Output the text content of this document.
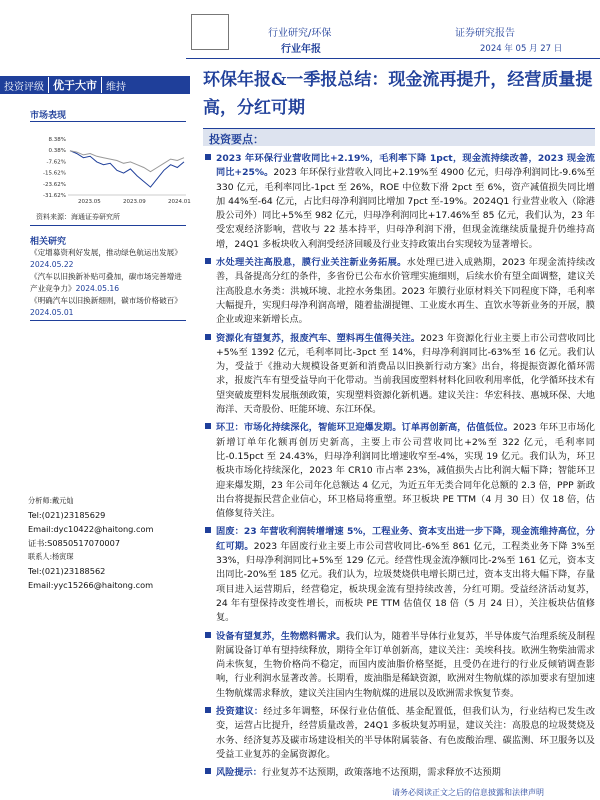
行业研究/环保
行业年报
证券研究报告
2024 年 05 月 27 日
投资评级 优于大市 维持	环保年报&一季报总结：现金流再提升，经营质量提高，分红可期
市场表现
8.38%
0.38%
-7.62%
-15.62%
-23.62%
-31.62%
2023.05	2023.09	2024.01
资料来源：海通证券研究所
相关研究
《定增募资利好发展，推动绿色航运出发展》2024.05.22
《汽车以旧换新补贴可叠加，碳市场完善增进产业竞争力》2024.05.16
《明确汽车以旧换新细则，碳市场价格破百》2024.05.01
分析师:戴元灿
Tel:(021)23185629
Email:dyc10422@haitong.com
证书:S0850517070007
联系人:杨寅琛
Tel:(021)23188562
Email:yyc15266@haitong.com
投资要点：
2023 年环保行业营收同比+2.19%，毛利率下降 1pct，现金流持续改善，2023 现金流同比+25%。2023 年环保行业营收入同比+2.19%至 4900 亿元，归母净利润同比-9.6%至 330 亿元，毛利率同比-1pct 至 26%，ROE 中位数下滑 2pct 至 6%，资产减值损失同比增加 44%至-64 亿元，占比归母净利润同比增加 7pct 至-19%。2024Q1 行业营业收入（除港股公司外）同比+5%至 982 亿元，归母净利润同比+17.46%至 85 亿元，我们认为，23 年受宏观经济影响，营收与 22 基本持平，归母净利润下滑，但现金流继续质量提升仍维持高增，24Q1 多板块收入利润受经济回暖及行业支持政策出台实现较为显著增长。
水处理关注高股息，膜行业关注新业务拓展。水处理已进入成熟期，2023 年现金流持续改善，具备提高分红的条件，多省份已公布水价管理实施细则，后续水价有望全面调整，建议关注高股息水务类：洪城环境、北控水务集团。2023 年膜行业原材料关下同程度下降，毛利率大幅提升，实现归母净利润高增，随着盐湖提锂、工业废水再生、直饮水等新业务的开展，膜企业或迎来新增长点。
资源化有望复苏，报废汽车、塑料再生值得关注。2023 年资源化行业主要上市公司营收同比+5%至 1392 亿元，毛利率同比-3pct 至 14%，归母净利润同比-63%至 16 亿元。我们认为，受益于《推动大规模设备更新和消费品以旧换新行动方案》出台，将提振资源化循环需求，报废汽车有望受益导向干化带动。当前我国废塑料材料化回收利用率低，化学循环技术有望突破废塑料发展瓶颈政策，实现塑料资源化新机遇。建议关注：华宏科技、惠城环保、大地海洋、天奇股份、旺能环境、东江环保。
环卫：市场化持续深化，智能环卫迎爆发期。订单再创新高，估值低位。2023 年环卫市场化新增订单年化额再创历史新高，主要上市公司营收同比+2%至 322 亿元，毛利率同比-0.15pct 至 24.43%，归母净利润同比增速收窄至-4%，实现 19 亿元。我们认为，环卫板块市场化持续深化，2023 年 CR10 市占率 23%，减值损失占比利润大幅下降；智能环卫迎来爆发期，23 年公司年化总额达 4 亿元，为近五年无类合同年化总额的 2.3 倍，PPP 新政出台将提振民营企业信心，环卫格局将重塑。环卫板块 PE TTM（4 月 30 日）仅 18 倍，估值修复待关注。
固废：23 年营收利润转增增速 5%，工程业务、资本支出进一步下降，现金流维持高位，分红可期。2023 年固废行业主要上市公司营收同比-6%至 861 亿元，工程类业务下降 3%至 33%，归母净利润同比+5%至 129 亿元。经营性现金流净额同比-2%至 161 亿元，资本支出同比-20%至 185 亿元。我们认为，垃圾焚烧供电增长期已过，资本支出将大幅下降，存量项目进入运营期后，经营稳定，板块现金流有望持续改善，分红可期。受益经济活动复苏，24 年有望保持改变性增长，而板块 PE TTM 估值仅 18 倍（5 月 24 日），关注板块估值修复。
设备有望复苏，生物燃料需求。我们认为，随着半导体行业复苏，半导体废气治理系统及制程附属设备订单有望持续释放，期待全年订单创新高，建议关注：美埃科技。欧洲生物柴油需求尚未恢复，生物价格尚不稳定，而国内废油脂价格坚挺，且受仍在进行的行业反倾销调查影响，行业利润水显著改善。长期看，废油脂是稀缺资源，欧洲对生物航煤的添加要求有望加速生物航煤需求释放，建议关注国内生物航煤的进展以及欧洲需求恢复节奏。
投资建议：经过多年调整，环保行业估值低、基金配置低，但我们认为，行业结构已发生改变，运营占比提升，经营质量改善，24Q1 多板块复苏明显，建议关注：高股息的垃圾焚烧及水务、经济复苏及碳市场建设相关的半导体附属装备、有色废酸治理、碳监测、环卫服务以及受益工业复苏的金属资源化。
风险提示：行业复苏不达预期，政策落地不达预期，需求释放不达预期
请务必阅读正文之后的信息披露和法律声明
